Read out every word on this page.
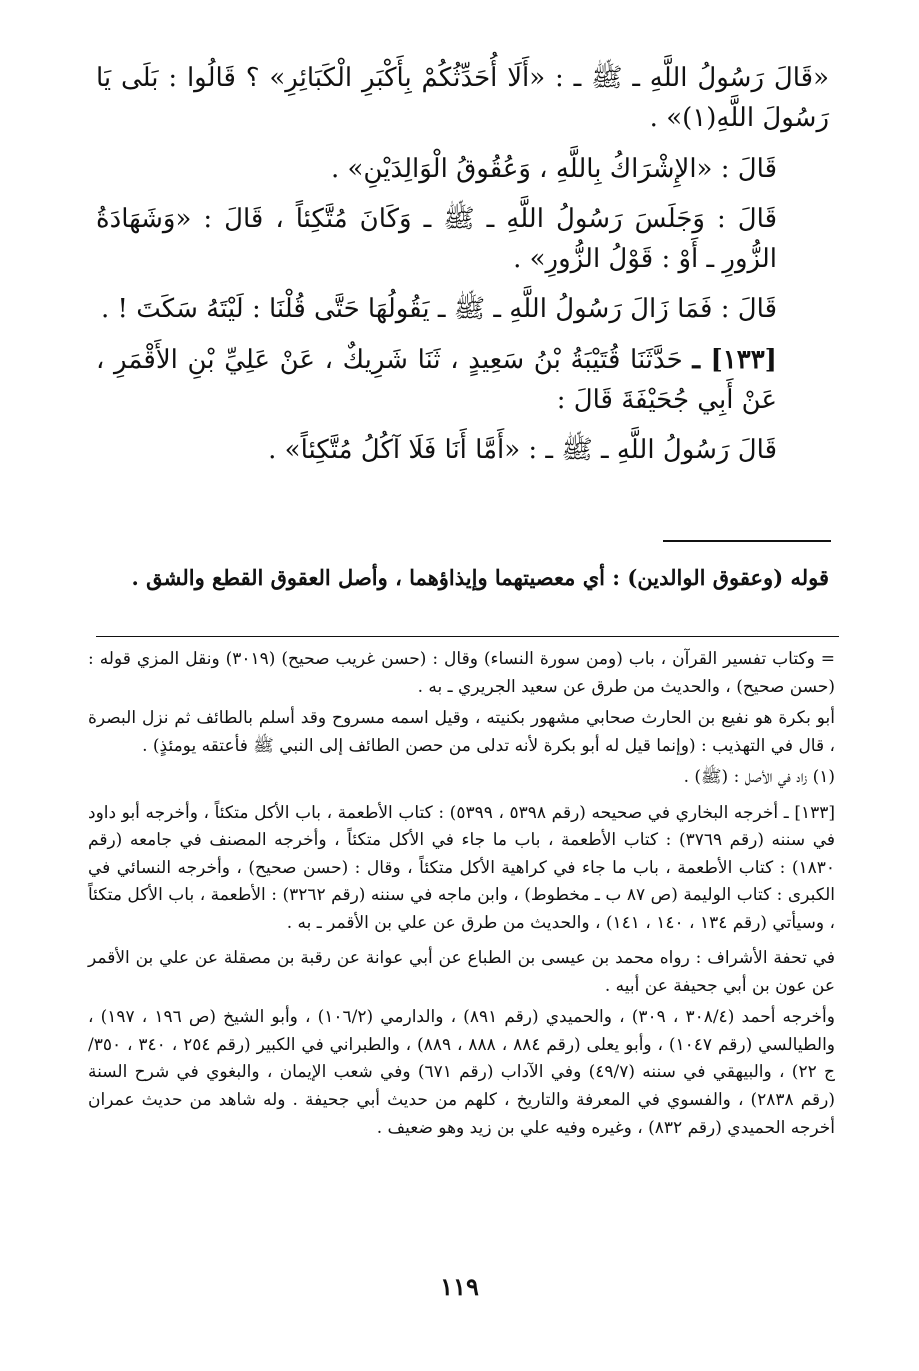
«قَالَ رَسُولُ اللَّهِ ـ ﷺ ـ : «أَلَا أُحَدِّثُكُمْ بِأَكْبَرِ الْكَبَائِرِ» ؟ قَالُوا : بَلَى يَا رَسُولَ اللَّهِ(١)» .

قَالَ : «الإِشْرَاكُ بِاللَّهِ ، وَعُقُوقُ الْوَالِدَيْنِ» .

قَالَ : وَجَلَسَ رَسُولُ اللَّهِ ـ ﷺ ـ وَكَانَ مُتَّكِئاً ، قَالَ : «وَشَهَادَةُ الزُّورِ ـ أَوْ : قَوْلُ الزُّورِ» .

قَالَ : فَمَا زَالَ رَسُولُ اللَّهِ ـ ﷺ ـ يَقُولُهَا حَتَّى قُلْنَا : لَيْتَهُ سَكَتَ ! .

[١٣٣] ـ حَدَّثَنَا قُتَيْبَةُ بْنُ سَعِيدٍ ، ثَنَا شَرِيكٌ ، عَنْ عَلِيِّ بْنِ الأَقْمَرِ ، عَنْ أَبِي جُحَيْفَةَ قَالَ :

قَالَ رَسُولُ اللَّهِ ـ ﷺ ـ : «أَمَّا أَنَا فَلَا آكُلُ مُتَّكِئاً» .

قوله (وعقوق الوالدين) : أي معصيتهما وإيذاؤهما ، وأصل العقوق القطع والشق .

= وكتاب تفسير القرآن ، باب (ومن سورة النساء) وقال : (حسن غريب صحيح) (٣٠١٩) ونقل المزي قوله : (حسن صحيح) ، والحديث من طرق عن سعيد الجريري ـ به .

أبو بكرة هو نفيع بن الحارث صحابي مشهور بكنيته ، وقيل اسمه مسروح وقد أسلم بالطائف ثم نزل البصرة ، قال في التهذيب : (وإنما قيل له أبو بكرة لأنه تدلى من حصن الطائف إلى النبي ﷺ فأعتقه يومئذٍ) .

(١) زاد في الأصل : (ﷺ) .

[١٣٣] ـ أخرجه البخاري في صحيحه (رقم ٥٣٩٨ ، ٥٣٩٩) : كتاب الأطعمة ، باب الأكل متكئاً ، وأخرجه أبو داود في سننه (رقم ٣٧٦٩) : كتاب الأطعمة ، باب ما جاء في الأكل متكئاً ، وأخرجه المصنف في جامعه (رقم ١٨٣٠) : كتاب الأطعمة ، باب ما جاء في كراهية الأكل متكئاً ، وقال : (حسن صحيح) ، وأخرجه النسائي في الكبرى : كتاب الوليمة (ص ٨٧ ب ـ مخطوط) ، وابن ماجه في سننه (رقم ٣٢٦٢) : الأطعمة ، باب الأكل متكئاً ، وسيأتي (رقم ١٣٤ ، ١٤٠ ، ١٤١) ، والحديث من طرق عن علي بن الأقمر ـ به .

في تحفة الأشراف : رواه محمد بن عيسى بن الطباع عن أبي عوانة عن رقبة بن مصقلة عن علي بن الأقمر عن عون بن أبي جحيفة عن أبيه .

وأخرجه أحمد (٣٠٨/٤ ، ٣٠٩) ، والحميدي (رقم ٨٩١) ، والدارمي (١٠٦/٢) ، وأبو الشيخ (ص ١٩٦ ، ١٩٧) ، والطيالسي (رقم ١٠٤٧) ، وأبو يعلى (رقم ٨٨٤ ، ٨٨٨ ، ٨٨٩) ، والطبراني في الكبير (رقم ٢٥٤ ، ٣٤٠ ، ٣٥٠/ج ٢٢) ، والبيهقي في سننه (٤٩/٧) وفي الآداب (رقم ٦٧١) وفي شعب الإيمان ، والبغوي في شرح السنة (رقم ٢٨٣٨) ، والفسوي في المعرفة والتاريخ ، كلهم من حديث أبي جحيفة . وله شاهد من حديث عمران أخرجه الحميدي (رقم ٨٣٢) ، وغيره وفيه علي بن زيد وهو ضعيف .

١١٩
